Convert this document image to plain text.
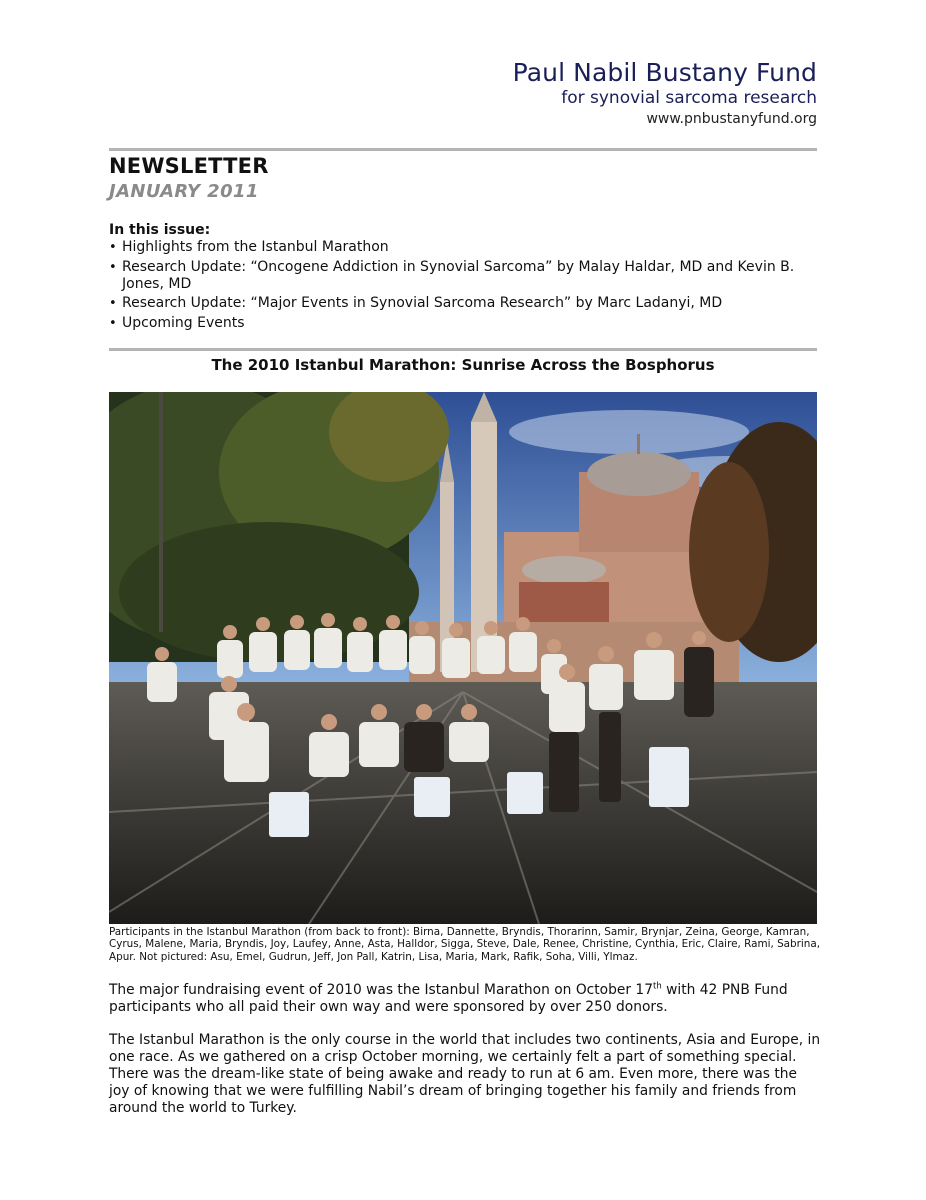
Paul Nabil Bustany Fund
for synovial sarcoma research
www.pnbustanyfund.org
NEWSLETTER
JANUARY 2011
In this issue:
• Highlights from the Istanbul Marathon
• Research Update: “Oncogene Addiction in Synovial Sarcoma” by Malay Haldar, MD and Kevin B. Jones, MD
• Research Update: “Major Events in Synovial Sarcoma Research” by Marc Ladanyi, MD
• Upcoming Events
The 2010 Istanbul Marathon: Sunrise Across the Bosphorus
Participants in the Istanbul Marathon (from back to front): Birna, Dannette, Bryndis, Thorarinn, Samir, Brynjar, Zeina, George, Kamran, Cyrus, Malene, Maria, Bryndis, Joy, Laufey, Anne, Asta, Halldor, Sigga, Steve, Dale, Renee, Christine, Cynthia, Eric, Claire, Rami, Sabrina, Apur. Not pictured: Asu, Emel, Gudrun, Jeff, Jon Pall, Katrin, Lisa, Maria, Mark, Rafik, Soha, Villi, Ylmaz.

The major fundraising event of 2010 was the Istanbul Marathon on October 17th with 42 PNB Fund participants who all paid their own way and were sponsored by over 250 donors.

The Istanbul Marathon is the only course in the world that includes two continents, Asia and Europe, in one race. As we gathered on a crisp October morning, we certainly felt a part of something special. There was the dream-like state of being awake and ready to run at 6 am. Even more, there was the joy of knowing that we were fulfilling Nabil’s dream of bringing together his family and friends from around the world to Turkey.
